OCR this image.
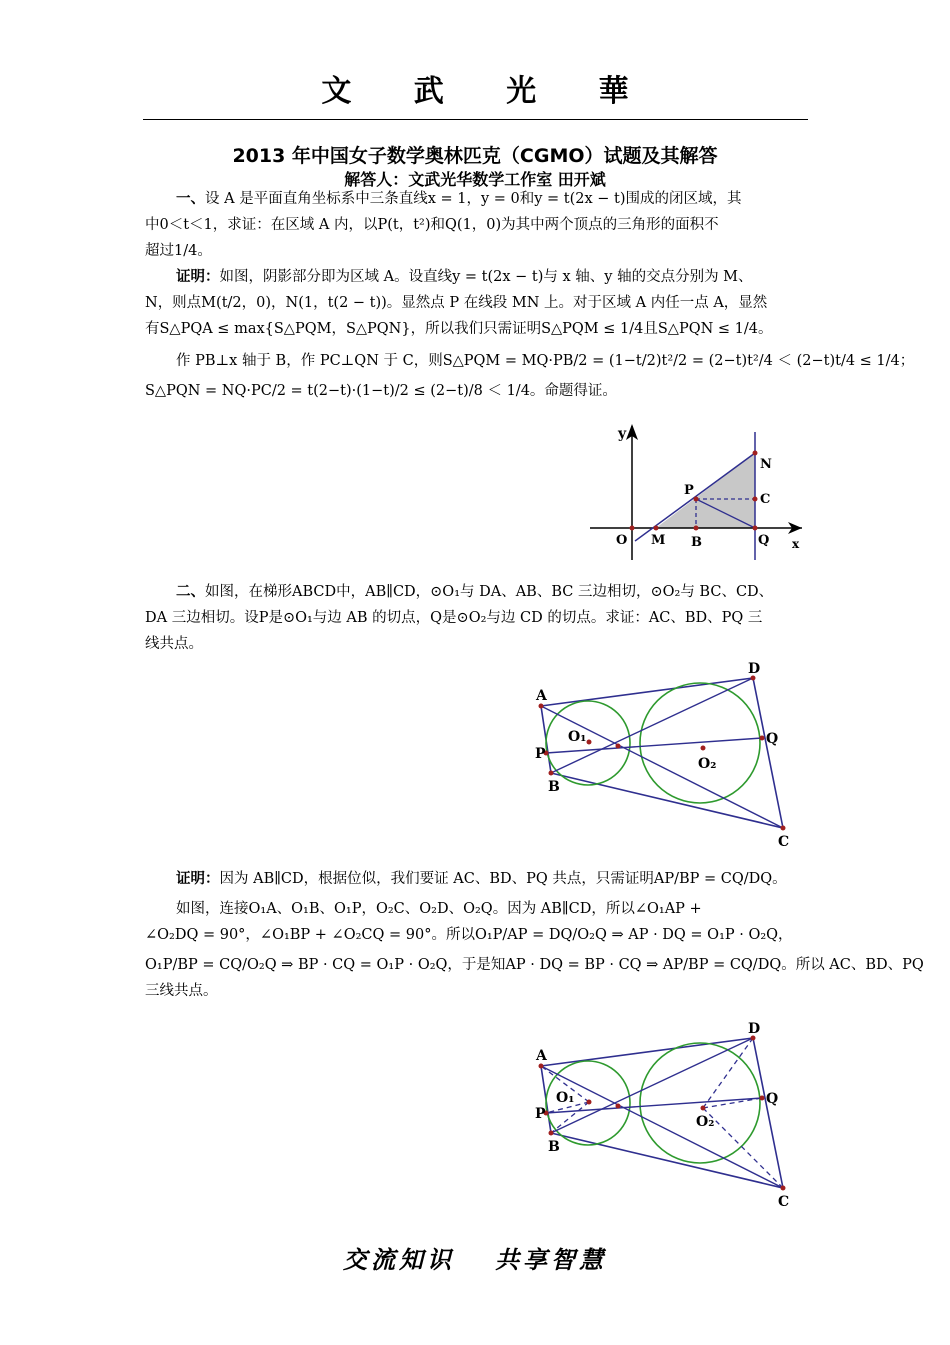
文 武 光 華
2013 年中国女子数学奥林匹克（CGMO）试题及其解答
解答人：文武光华数学工作室 田开斌
一、设 A 是平面直角坐标系中三条直线x = 1，y = 0和y = t(2x − t)围成的闭区域，其
中0＜t＜1，求证：在区域 A 内，以P(t，t²)和Q(1，0)为其中两个顶点的三角形的面积不
超过1/4。
证明：如图，阴影部分即为区域 A。设直线y = t(2x − t)与 x 轴、y 轴的交点分别为 M、
N，则点M(t/2，0)，N(1，t(2 − t))。显然点 P 在线段 MN 上。对于区域 A 内任一点 A，显然
有S△PQA ≤ max{S△PQM，S△PQN}，所以我们只需证明S△PQM ≤ 1/4且S△PQN ≤ 1/4。
作 PB⊥x 轴于 B，作 PC⊥QN 于 C，则S△PQM = MQ·PB/2 = (1−t/2)t²/2 = (2−t)t²/4 ＜ (2−t)t/4 ≤ 1/4；
S△PQN = NQ·PC/2 = t(2−t)·(1−t)/2 ≤ (2−t)/8 ＜ 1/4。命题得证。
y
x
O M B	Q
P
C
N
二、如图，在梯形ABCD中，AB∥CD，⊙O₁与 DA、AB、BC 三边相切，⊙O₂与 BC、CD、
DA 三边相切。设P是⊙O₁与边 AB 的切点，Q是⊙O₂与边 CD 的切点。求证：AC、BD、PQ 三
线共点。
A
B
C
D
P
Q
O₁
O₂
证明：因为 AB∥CD，根据位似，我们要证 AC、BD、PQ 共点，只需证明AP/BP = CQ/DQ。
如图，连接O₁A、O₁B、O₁P，O₂C、O₂D、O₂Q。因为 AB∥CD，所以∠O₁AP +
∠O₂DQ = 90°，∠O₁BP + ∠O₂CQ = 90°。所以O₁P/AP = DQ/O₂Q ⇒ AP · DQ = O₁P · O₂Q，
O₁P/BP = CQ/O₂Q ⇒ BP · CQ = O₁P · O₂Q，于是知AP · DQ = BP · CQ ⇒ AP/BP = CQ/DQ。所以 AC、BD、PQ
三线共点。
A
B
C
D
P
Q
O₁
O₂
交流知识 共享智慧
